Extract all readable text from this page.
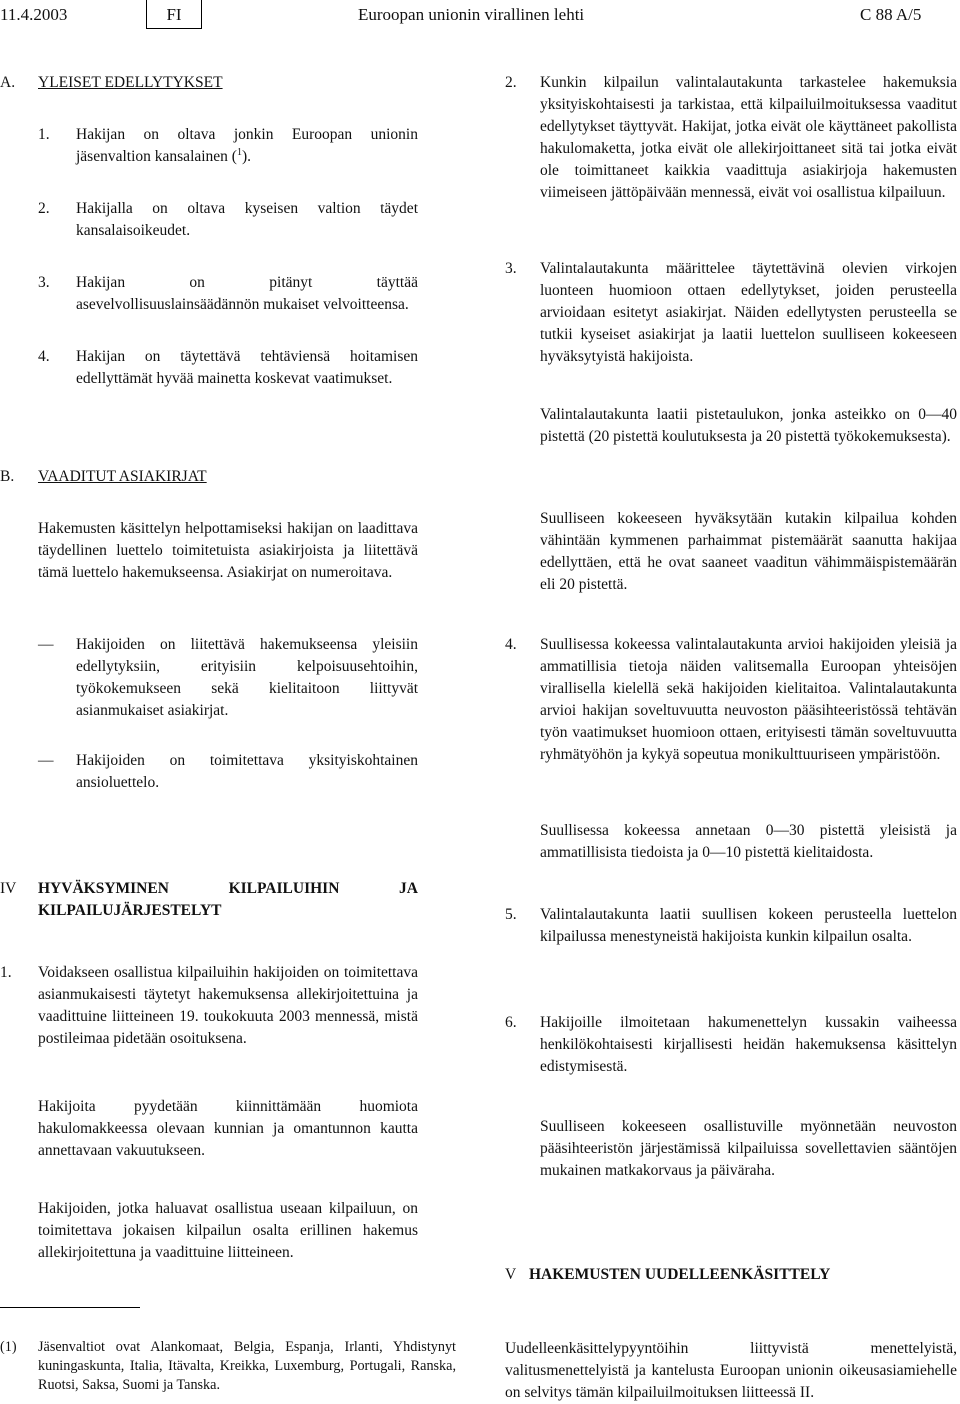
11.4.2003	FI	Euroopan unionin virallinen lehti	C 88 A/5
A. YLEISET EDELLYTYKSET
1.	Hakijan on oltava jonkin Euroopan unionin jäsenvaltion kansalainen ($^1$).
2.	Hakijalla on oltava kyseisen valtion täydet kansalaisoikeudet.
3.	Hakijan on pitänyt täyttää asevelvollisuuslainsäädännön mukaiset velvoitteensa.
4.	Hakijan on täytettävä tehtäviensä hoitamisen edellyttämät hyvää mainetta koskevat vaatimukset.
B. VAADITUT ASIAKIRJAT
Hakemusten käsittelyn helpottamiseksi hakijan on laadittava täydellinen luettelo toimitetuista asiakirjoista ja liitettävä tämä luettelo hakemukseensa. Asiakirjat on numeroitava.
—	Hakijoiden on liitettävä hakemukseensa yleisiin edellytyksiin, erityisiin kelpoisuusehtoihin, työkokemukseen sekä kielitaitoon liittyvät asianmukaiset asiakirjat.
—	Hakijoiden on toimitettava yksityiskohtainen ansioluettelo.
IV	HYVÄKSYMINEN KILPAILUIHIN JA KILPAILUJÄRJESTELYT
1.	Voidakseen osallistua kilpailuihin hakijoiden on toimitettava asianmukaisesti täytetyt hakemuksensa allekirjoitettuina ja vaadittuine liitteineen 19. toukokuuta 2003 mennessä, mistä postileimaa pidetään osoituksena.
Hakijoita pyydetään kiinnittämään huomiota hakulomakkeessa olevaan kunnian ja omantunnon kautta annettavaan vakuutukseen.
Hakijoiden, jotka haluavat osallistua useaan kilpailuun, on toimitettava jokaisen kilpailun osalta erillinen hakemus allekirjoitettuna ja vaadittuine liitteineen.
(1)	Jäsenvaltiot ovat Alankomaat, Belgia, Espanja, Irlanti, Yhdistynyt kuningaskunta, Italia, Itävalta, Kreikka, Luxemburg, Portugali, Ranska, Ruotsi, Saksa, Suomi ja Tanska.
2.	Kunkin kilpailun valintalautakunta tarkastelee hakemuksia yksityiskohtaisesti ja tarkistaa, että kilpailuilmoituksessa vaaditut edellytykset täyttyvät. Hakijat, jotka eivät ole käyttäneet pakollista hakulomaketta, jotka eivät ole allekirjoittaneet sitä tai jotka eivät ole toimittaneet kaikkia vaadittuja asiakirjoja hakemusten viimeiseen jättöpäivään mennessä, eivät voi osallistua kilpailuun.
3.	Valintalautakunta määrittelee täytettävinä olevien virkojen luonteen huomioon ottaen edellytykset, joiden perusteella arvioidaan esitetyt asiakirjat. Näiden edellytysten perusteella se tutkii kyseiset asiakirjat ja laatii luettelon suulliseen kokeeseen hyväksytyistä hakijoista.
Valintalautakunta laatii pistetaulukon, jonka asteikko on 0—40 pistettä (20 pistettä koulutuksesta ja 20 pistettä työkokemuksesta).
Suulliseen kokeeseen hyväksytään kutakin kilpailua kohden vähintään kymmenen parhaimmat pistemäärät saanutta hakijaa edellyttäen, että he ovat saaneet vaaditun vähimmäispistemäärän eli 20 pistettä.
4.	Suullisessa kokeessa valintalautakunta arvioi hakijoiden yleisiä ja ammatillisia tietoja näiden valitsemalla Euroopan yhteisöjen virallisella kielellä sekä hakijoiden kielitaitoa. Valintalautakunta arvioi hakijan soveltuvuutta neuvoston pääsihteeristössä tehtävän työn vaatimukset huomioon ottaen, erityisesti tämän soveltuvuutta ryhmätyöhön ja kykyä sopeutua monikulttuuriseen ympäristöön.
Suullisessa kokeessa annetaan 0—30 pistettä yleisistä ja ammatillisista tiedoista ja 0—10 pistettä kielitaidosta.
5.	Valintalautakunta laatii suullisen kokeen perusteella luettelon kilpailussa menestyneistä hakijoista kunkin kilpailun osalta.
6.	Hakijoille ilmoitetaan hakumenettelyn kussakin vaiheessa henkilökohtaisesti kirjallisesti heidän hakemuksensa käsittelyn edistymisestä.
Suulliseen kokeeseen osallistuville myönnetään neuvoston pääsihteeristön järjestämissä kilpailuissa sovellettavien sääntöjen mukainen matkakorvaus ja päiväraha.
V HAKEMUSTEN UUDELLEENKÄSITTELY
Uudelleenkäsittelypyyntöihin liittyvistä menettelyistä, valitusmenettelyistä ja kantelusta Euroopan unionin oikeusasiamiehelle on selvitys tämän kilpailuilmoituksen liitteessä II.
